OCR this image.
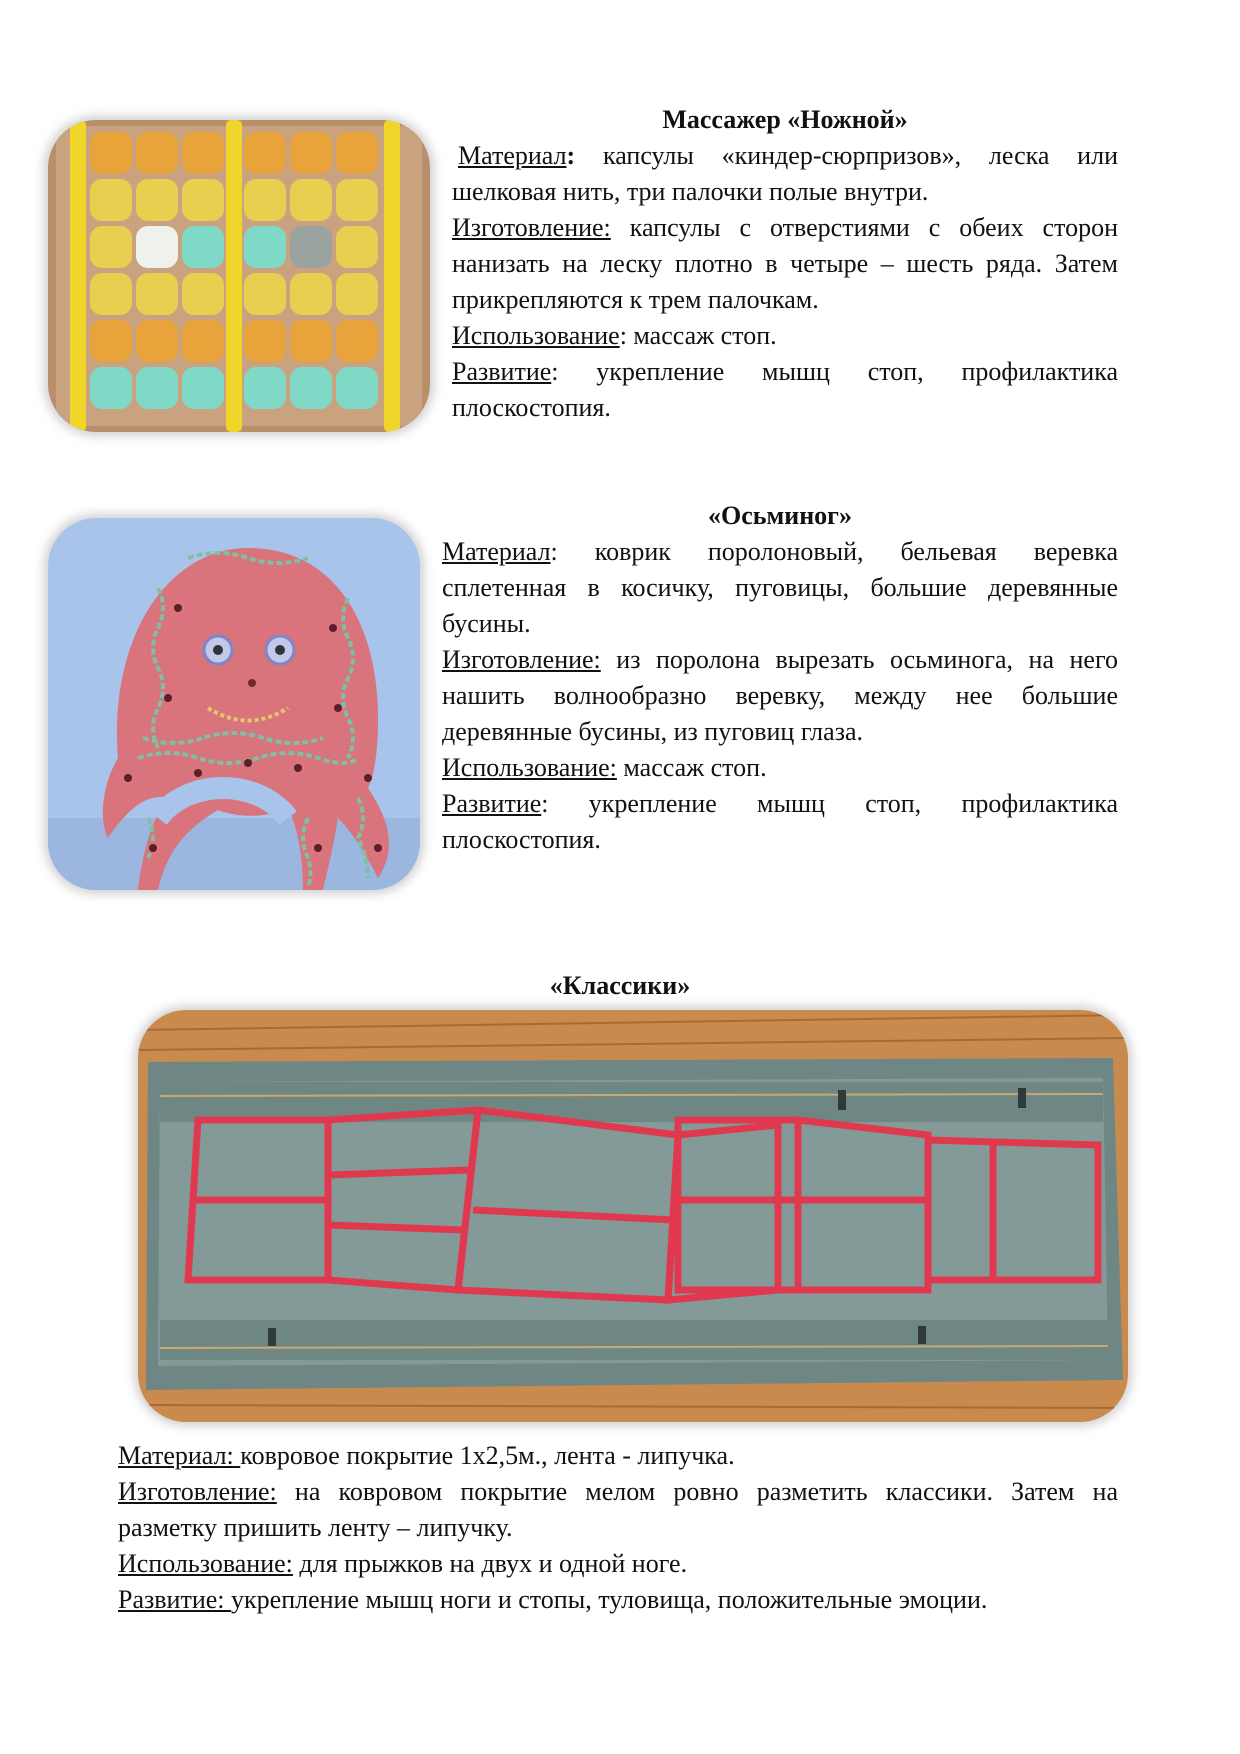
Массажер «Ножной»

Материал: капсулы «киндер-сюрпризов», леска или шелковая нить, три палочки полые внутри.

Изготовление: капсулы с отверстиями с обеих сторон нанизать на леску плотно в четыре – шесть ряда. Затем прикрепляются к трем палочкам.

Использование: массаж стоп.

Развитие: укрепление мышц стоп, профилактика плоскостопия.

«Осьминог»

Материал: коврик поролоновый, бельевая веревка сплетенная в косичку, пуговицы, большие деревянные бусины.

Изготовление: из поролона вырезать осьминога, на него нашить волнообразно веревку, между нее большие деревянные бусины, из пуговиц глаза.

Использование: массаж стоп.

Развитие: укрепление мышц стоп, профилактика плоскостопия.

«Классики»

Материал: ковровое покрытие 1х2,5м., лента - липучка.

Изготовление: на ковровом покрытие мелом ровно разметить классики. Затем на разметку пришить ленту – липучку.

Использование: для прыжков на двух и одной ноге.

Развитие: укрепление мышц ноги и стопы, туловища, положительные эмоции.
